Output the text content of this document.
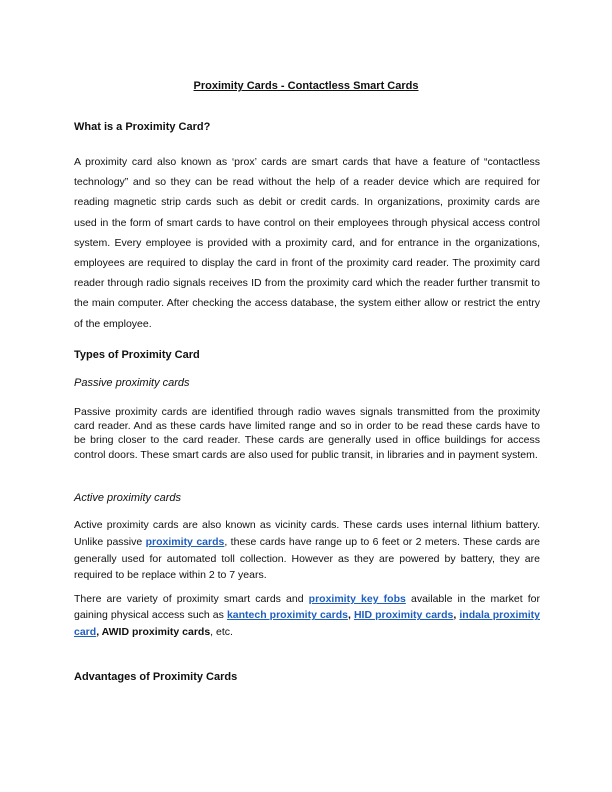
Proximity Cards - Contactless Smart Cards
What is a Proximity Card?

A proximity card also known as ‘prox’ cards are smart cards that have a feature of “contactless technology” and so they can be read without the help of a reader device which are required for reading magnetic strip cards such as debit or credit cards. In organizations, proximity cards are used in the form of smart cards to have control on their employees through physical access control system. Every employee is provided with a proximity card, and for entrance in the organizations, employees are required to display the card in front of the proximity card reader. The proximity card reader through radio signals receives ID from the proximity card which the reader further transmit to the main computer. After checking the access database, the system either allow or restrict the entry of the employee.

Types of Proximity Card
Passive proximity cards

Passive proximity cards are identified through radio waves signals transmitted from the proximity card reader. And as these cards have limited range and so in order to be read these cards have to be bring closer to the card reader. These cards are generally used in office buildings for access control doors. These smart cards are also used for public transit, in libraries and in payment system.

Active proximity cards

Active proximity cards are also known as vicinity cards. These cards uses internal lithium battery. Unlike passive proximity cards, these cards have range up to 6 feet or 2 meters. These cards are generally used for automated toll collection. However as they are powered by battery, they are required to be replace within 2 to 7 years.

There are variety of proximity smart cards and proximity key fobs available in the market for gaining physical access such as kantech proximity cards, HID proximity cards, indala proximity card, AWID proximity cards, etc.

Advantages of Proximity Cards
